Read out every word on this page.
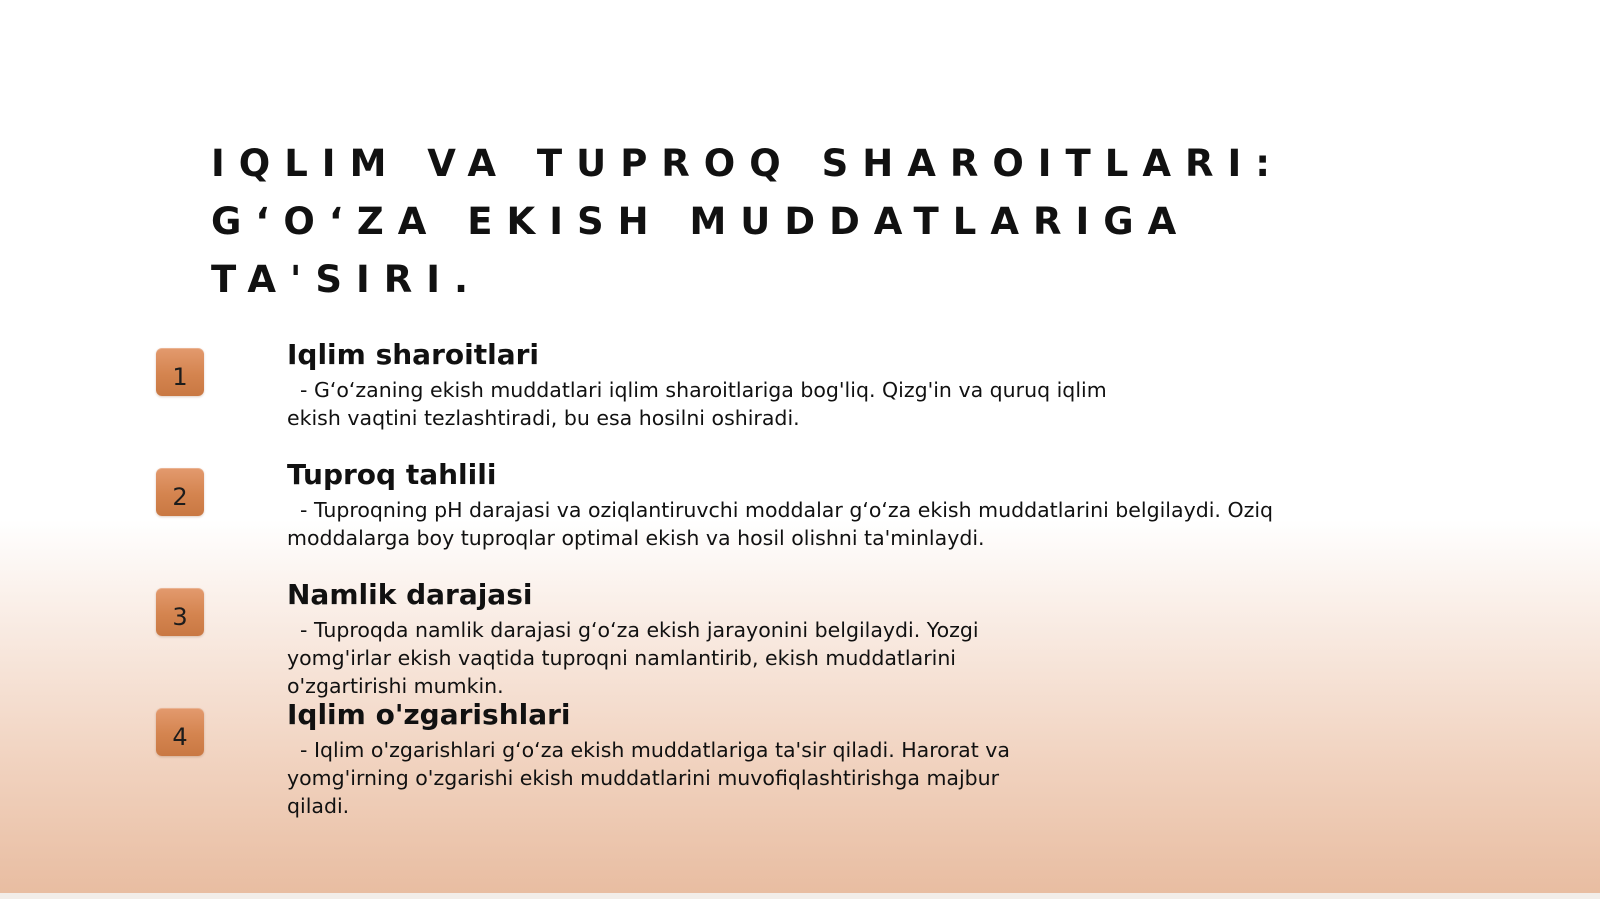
IQLIM VA TUPROQ SHAROITLARI: G‘O‘ZA EKISH MUDDATLARIGA TA'SIRI.
1
Iqlim sharoitlari

- G‘o‘zaning ekish muddatlari iqlim sharoitlariga bog'liq. Qizg'in va quruq iqlim ekish vaqtini tezlashtiradi, bu esa hosilni oshiradi.

2
Tuproq tahlili

- Tuproqning pH darajasi va oziqlantiruvchi moddalar g‘o‘za ekish muddatlarini belgilaydi. Oziq moddalarga boy tuproqlar optimal ekish va hosil olishni ta'minlaydi.

3
Namlik darajasi

- Tuproqda namlik darajasi g‘o‘za ekish jarayonini belgilaydi. Yozgi yomg'irlar ekish vaqtida tuproqni namlantirib, ekish muddatlarini o'zgartirishi mumkin.

4
Iqlim o'zgarishlari

- Iqlim o'zgarishlari g‘o‘za ekish muddatlariga ta'sir qiladi. Harorat va yomg'irning o'zgarishi ekish muddatlarini muvofiqlashtirishga majbur qiladi.
